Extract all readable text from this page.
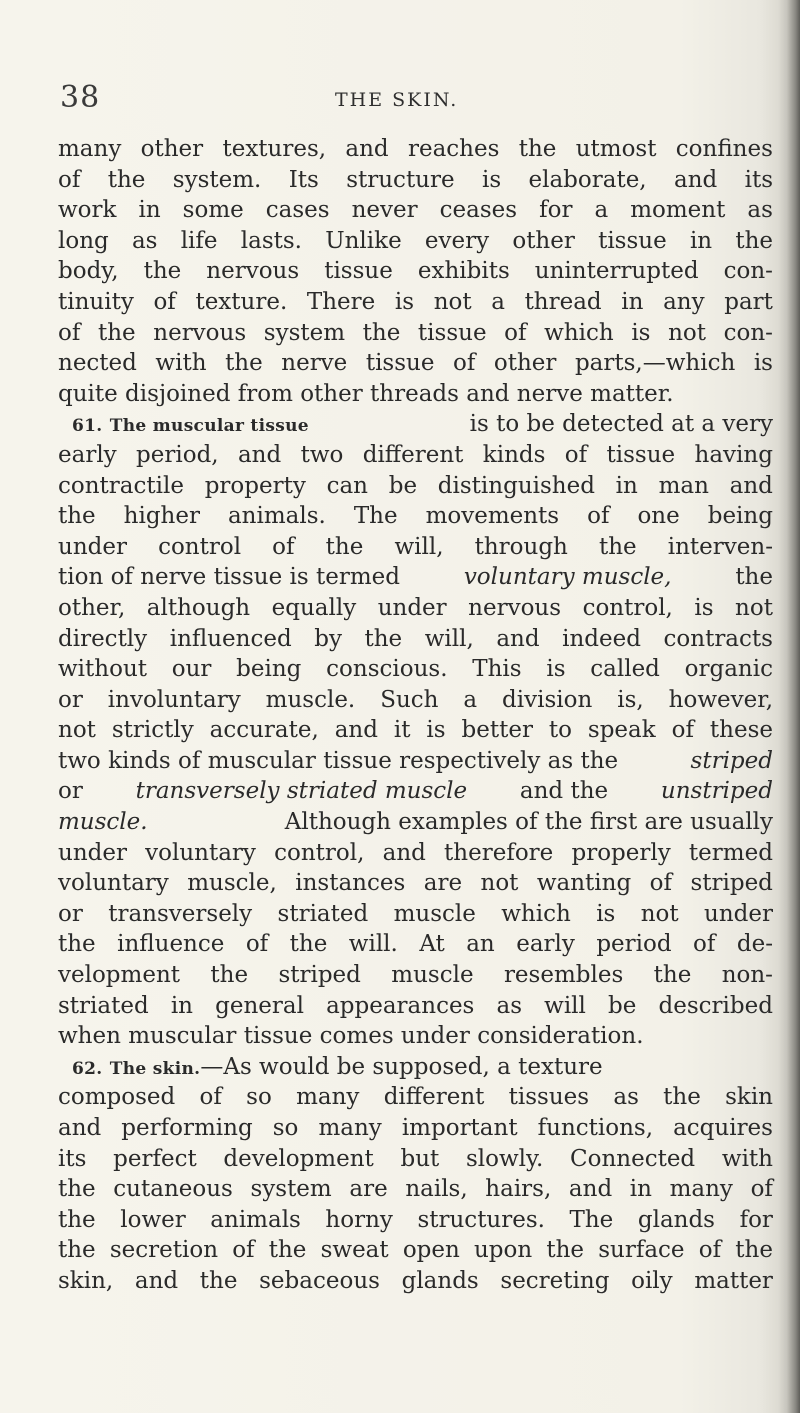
38	THE SKIN.
many other textures, and reaches the utmost confines
of the system. Its structure is elaborate, and its
work in some cases never ceases for a moment as
long as life lasts. Unlike every other tissue in the
body, the nervous tissue exhibits uninterrupted con-
tinuity of texture. There is not a thread in any part
of the nervous system the tissue of which is not con-
nected with the nerve tissue of other parts,—which is
quite disjoined from other threads and nerve matter.
61. The muscular tissue	is to be detected at a very
early period, and two different kinds of tissue having
contractile property can be distinguished in man and
the higher animals. The movements of one being
under control of the will, through the interven-
tion of nerve tissue is termed	voluntary muscle,	the
other, although equally under nervous control, is not
directly influenced by the will, and indeed contracts
without our being conscious. This is called organic
or involuntary muscle. Such a division is, however,
not strictly accurate, and it is better to speak of these
two kinds of muscular tissue respectively as the	striped
or transversely striated muscle and the unstriped
muscle.	Although examples of the first are usually
under voluntary control, and therefore properly termed
voluntary muscle, instances are not wanting of striped
or transversely striated muscle which is not under
the influence of the will. At an early period of de-
velopment the striped muscle resembles the non-
striated in general appearances as will be described
when muscular tissue comes under consideration.
62. The skin.—As would be supposed, a texture
composed of so many different tissues as the skin
and performing so many important functions, acquires
its perfect development but slowly. Connected with
the cutaneous system are nails, hairs, and in many of
the lower animals horny structures. The glands for
the secretion of the sweat open upon the surface of the
skin, and the sebaceous glands secreting oily matter
